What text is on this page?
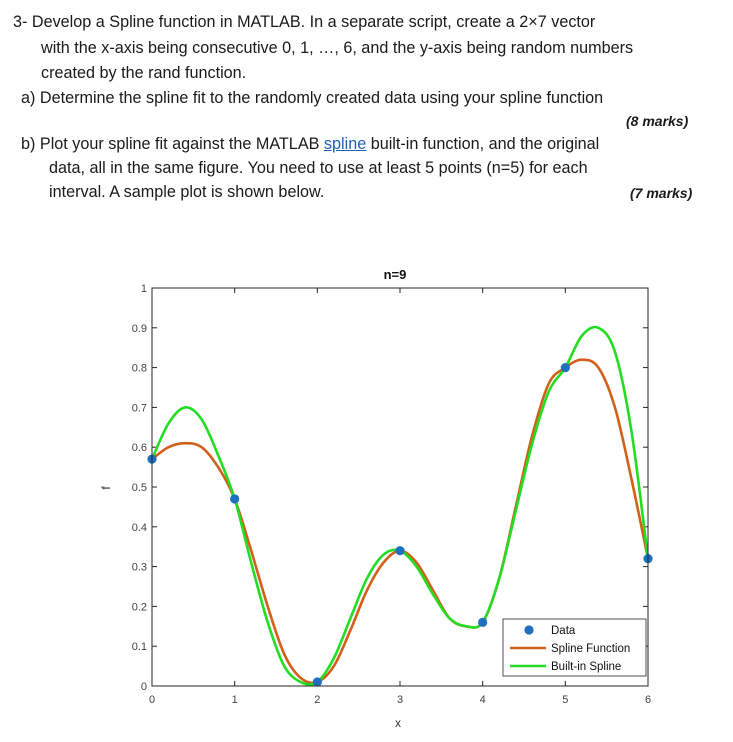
3- Develop a Spline function in MATLAB. In a separate script, create a 2×7 vector
with the x-axis being consecutive 0, 1, …, 6, and the y-axis being random numbers
created by the rand function.
a) Determine the spline fit to the randomly created data using your spline function
(8 marks)
b) Plot your spline fit against the MATLAB spline built-in function, and the original
data, all in the same figure. You need to use at least 5 points (n=5) for each
interval. A sample plot is shown below.	(7 marks)
0	1	2	3	4	5	6
0
0.1
0.2
0.3
0.4
0.5
0.6
0.7
0.8
0.9
1
n=9
x
f
Data
Spline Function
Built-in Spline
